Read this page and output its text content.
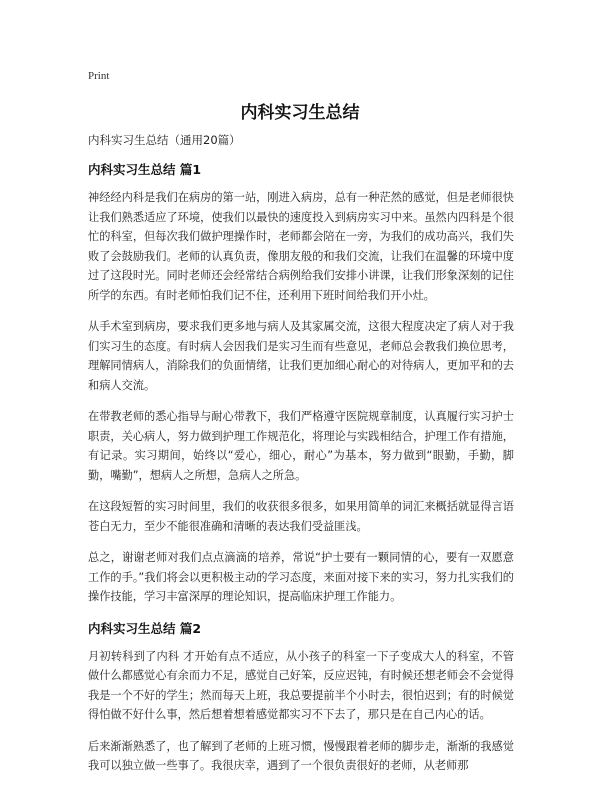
Print
内科实习生总结

内科实习生总结（通用20篇）

内科实习生总结 篇1

神经经内科是我们在病房的第一站，刚进入病房，总有一种茫然的感觉，但是老师很快让我们熟悉适应了环境，使我们以最快的速度投入到病房实习中来。虽然内四科是个很忙的科室，但每次我们做护理操作时，老师都会陪在一旁，为我们的成功高兴，我们失败了会鼓励我们。老师的认真负责，像朋友般的和我们交流，让我们在温馨的环境中度过了这段时光。同时老师还会经常结合病例给我们安排小讲课，让我们形象深刻的记住所学的东西。有时老师怕我们记不住，还利用下班时间给我们开小灶。

从手术室到病房，要求我们更多地与病人及其家属交流，这很大程度决定了病人对于我们实习生的态度。有时病人会因我们是实习生而有些意见，老师总会教我们换位思考，理解同情病人，消除我们的负面情绪，让我们更加细心耐心的对待病人，更加平和的去和病人交流。

在带教老师的悉心指导与耐心带教下，我们严格遵守医院规章制度，认真履行实习护士职责，关心病人，努力做到护理工作规范化，将理论与实践相结合，护理工作有措施，有记录。实习期间，始终以“爱心，细心，耐心”为基本，努力做到“眼勤，手勤，脚勤，嘴勤”，想病人之所想，急病人之所急。

在这段短暂的实习时间里，我们的收获很多很多，如果用简单的词汇来概括就显得言语苍白无力，至少不能很准确和清晰的表达我们受益匪浅。

总之，谢谢老师对我们点点滴滴的培养，常说“护士要有一颗同情的心，要有一双愿意工作的手。”我们将会以更积极主动的学习态度，来面对接下来的实习，努力扎实我们的操作技能，学习丰富深厚的理论知识，提高临床护理工作能力。

内科实习生总结 篇2

月初转科到了内科 才开始有点不适应，从小孩子的科室一下子变成大人的科室，不管做什么都感觉心有余而力不足，感觉自己好笨，反应迟钝，有时候还想老师会不会觉得我是一个不好的学生；然而每天上班，我总要提前半个小时去，很怕迟到；有的时候觉得怕做不好什么事，然后想着想着感觉都实习不下去了，那只是在自己内心的话。

后来渐渐熟悉了，也了解到了老师的上班习惯，慢慢跟着老师的脚步走，渐渐的我感觉我可以独立做一些事了。我很庆幸，遇到了一个很负责很好的老师，从老师那
